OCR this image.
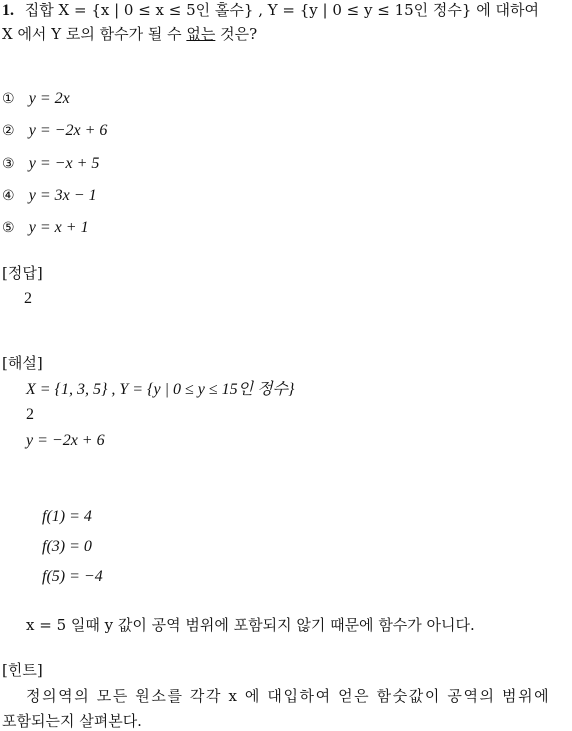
1. 집합 X = {x | 0 ≤ x ≤ 5인 홀수} , Y = {y | 0 ≤ y ≤ 15인 정수} 에 대하여
X 에서 Y 로의 함수가 될 수 없는 것은?
① y = 2x
② y = −2x + 6
③ y = −x + 5
④ y = 3x − 1
⑤ y = x + 1
[정답]
2
[해설]
X = {1, 3, 5} , Y = {y | 0 ≤ y ≤ 15인 정수}
2
y = −2x + 6
f(1) = 4
f(3) = 0
f(5) = −4
x = 5 일때 y 값이 공역 범위에 포함되지 않기 때문에 함수가 아니다.
[힌트]
정의역의 모든 원소를 각각 x 에 대입하여 얻은 함숫값이 공역의 범위에
포함되는지 살펴본다.
